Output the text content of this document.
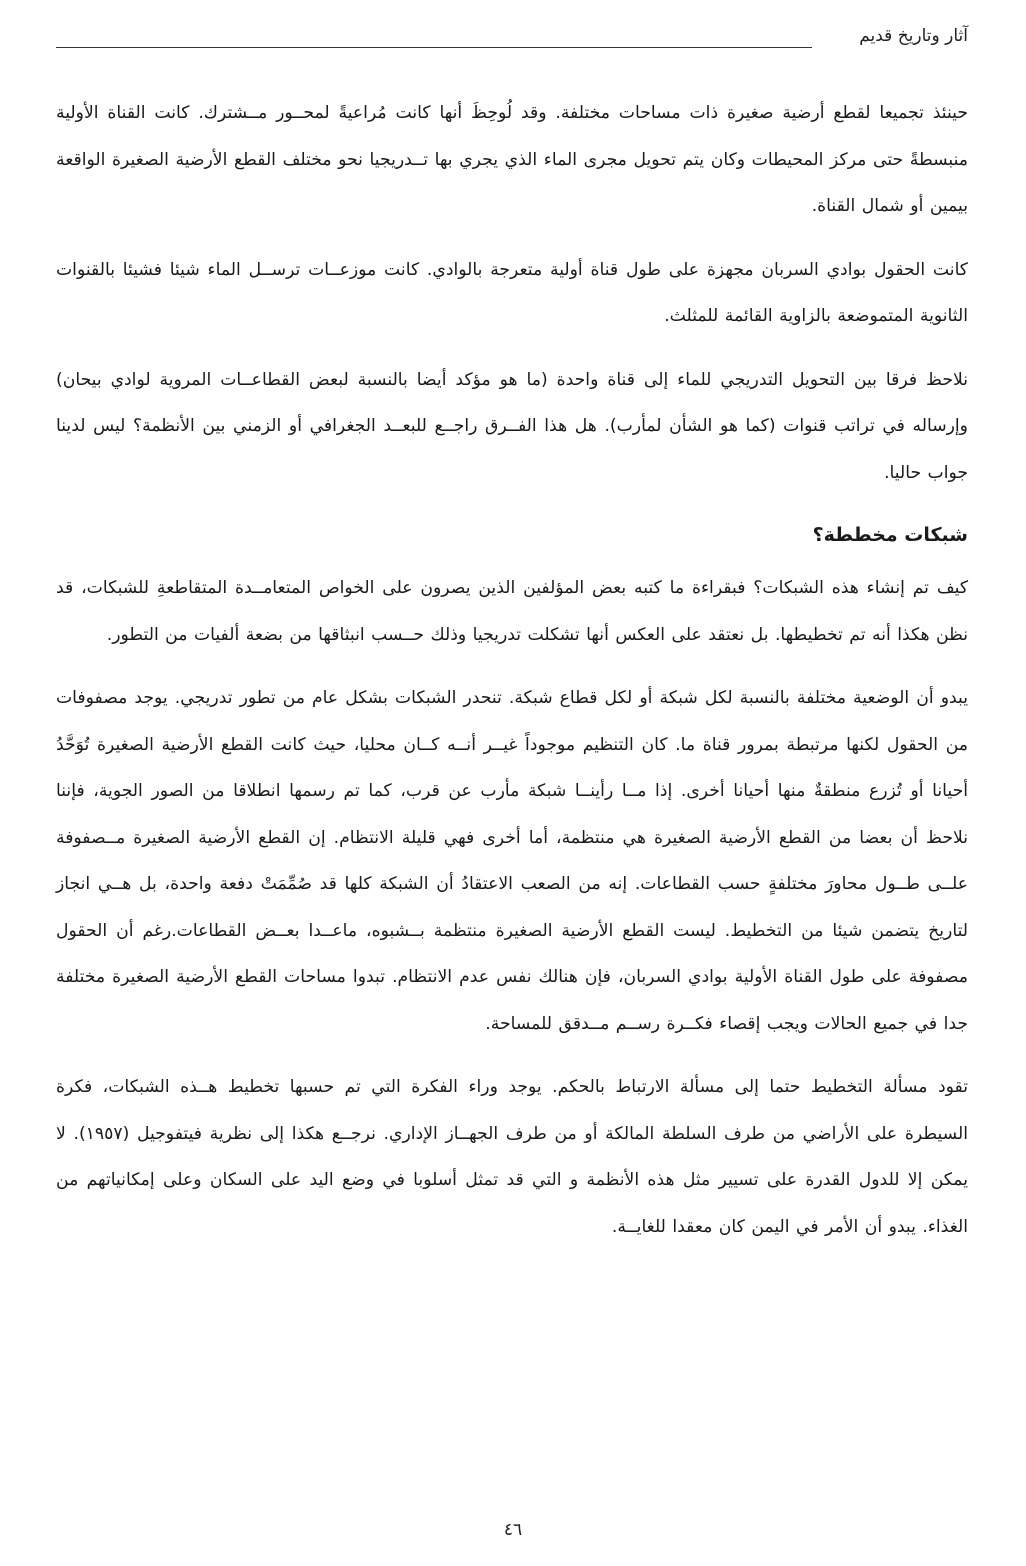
آثار وتاريخ قديم

حينئذ تجميعا لقطع أرضية صغيرة ذات مساحات مختلفة. وقد لُوحِظَ أنها كانت مُراعيةً لمحــور مــشترك. كانت القناة الأولية منبسطةً حتى مركز المحيطات وكان يتم تحويل مجرى الماء الذي يجري بها تــدريجيا نحو مختلف القطع الأرضية الصغيرة الواقعة بيمين أو شمال القناة.

كانت الحقول بوادي السربان مجهزة على طول قناة أولية متعرجة بالوادي. كانت موزعــات ترســل الماء شيئا فشيئا بالقنوات الثانوية المتموضعة بالزاوية القائمة للمثلث.

نلاحظ فرقا بين التحويل التدريجي للماء إلى قناة واحدة (ما هو مؤكد أيضا بالنسبة لبعض القطاعــات المروية لوادي بيحان) وإرساله في تراتب قنوات (كما هو الشأن لمأرب). هل هذا الفــرق راجــع للبعــد الجغرافي أو الزمني بين الأنظمة؟ ليس لدينا جواب حاليا.

شبكات مخططة؟

كيف تم إنشاء هذه الشبكات؟ فبقراءة ما كتبه بعض المؤلفين الذين يصرون على الخواص المتعامــدة المتقاطعةِ للشبكات، قد نظن هكذا أنه تم تخطيطها. بل نعتقد على العكس أنها تشكلت تدريجيا وذلك حــسب انبثاقها من بضعة ألفيات من التطور.

يبدو أن الوضعية مختلفة بالنسبة لكل شبكة أو لكل قطاع شبكة. تنحدر الشبكات بشكل عام من تطور تدريجي. يوجد مصفوفات من الحقول لكنها مرتبطة بمرور قناة ما. كان التنظيم موجوداً غيــر أنــه كــان محليا، حيث كانت القطع الأرضية الصغيرة تُوَحَّدُ أحيانا أو تُزرع منطقةٌ منها أحيانا أخرى. إذا مــا رأينــا شبكة مأرب عن قرب، كما تم رسمها انطلاقا من الصور الجوية، فإننا نلاحظ أن بعضا من القطع الأرضية الصغيرة هي منتظمة، أما أخرى فهي قليلة الانتظام. إن القطع الأرضية الصغيرة مــصفوفة علــى طــول محاورَ مختلفةٍ حسب القطاعات. إنه من الصعب الاعتقادُ أن الشبكة كلها قد صُمِّمَتْ دفعة واحدة، بل هــي انجاز لتاريخ يتضمن شيئا من التخطيط. ليست القطع الأرضية الصغيرة منتظمة بــشبوه، ماعــدا بعــض القطاعات.رغم أن الحقول مصفوفة على طول القناة الأولية بوادي السربان، فإن هنالك نفس عدم الانتظام. تبدوا مساحات القطع الأرضية الصغيرة مختلفة جدا في جميع الحالات ويجب إقصاء فكــرة رســم مــدقق للمساحة.

تقود مسألة التخطيط حتما إلى مسألة الارتباط بالحكم. يوجد وراء الفكرة التي تم حسبها تخطيط هــذه الشبكات، فكرة السيطرة على الأراضي من طرف السلطة المالكة أو من طرف الجهــاز الإداري. نرجــع هكذا إلى نظرية فيتفوجيل (١٩٥٧). لا يمكن إلا للدول القدرة على تسيير مثل هذه الأنظمة و التي قد تمثل أسلوبا في وضع اليد على السكان وعلى إمكانياتهم من الغذاء. يبدو أن الأمر في اليمن كان معقدا للغايــة.

٤٦
